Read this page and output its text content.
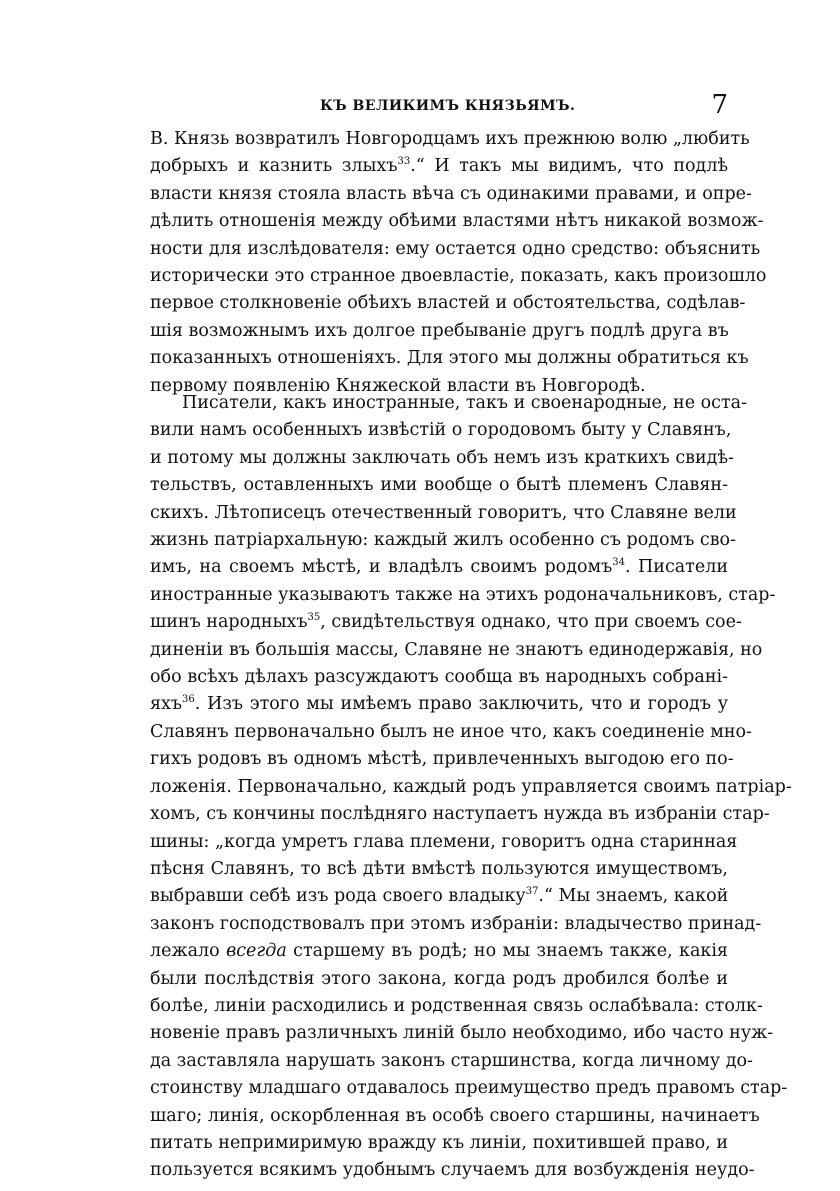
КЪ ВЕЛИКИМЪ КНЯЗЬЯМЪ.	7
В. Князь возвратилъ Новгородцамъ ихъ прежнюю волю „любить
добрыхъ и казнить злыхъ$^{33}$.“ И такъ мы видимъ, что подлѣ
власти князя стояла власть вѣча съ одинакими правами, и опре-
дѣлить отношенія между обѣими властями нѣтъ никакой возмож-
ности для изслѣдователя: ему остается одно средство: объяснить
исторически это странное двоевластіе, показать, какъ произошло
первое столкновеніе обѣихъ властей и обстоятельства, содѣлав-
шія возможнымъ ихъ долгое пребываніе другъ подлѣ друга въ
показанныхъ отношеніяхъ. Для этого мы должны обратиться къ
первому появленію Княжеской власти въ Новгородѣ.
Писатели, какъ иностранные, такъ и своенародные, не оста-
вили намъ особенныхъ извѣстій о городовомъ быту у Славянъ,
и потому мы должны заключать объ немъ изъ краткихъ свидѣ-
тельствъ, оставленныхъ ими вообще о бытѣ племенъ Славян-
скихъ. Лѣтописецъ отечественный говоритъ, что Славяне вели
жизнь патріархальную: каждый жилъ особенно съ родомъ сво-
имъ, на своемъ мѣстѣ, и владѣлъ своимъ родомъ$^{34}$. Писатели
иностранные указываютъ также на этихъ родоначальниковъ, стар-
шинъ народныхъ$^{35}$, свидѣтельствуя однако, что при своемъ сое-
диненіи въ большія массы, Славяне не знаютъ единодержавія, но
обо всѣхъ дѣлахъ разсуждаютъ сообща въ народныхъ собрані-
яхъ$^{36}$. Изъ этого мы имѣемъ право заключить, что и городъ у
Славянъ первоначально былъ не иное что, какъ соединеніе мно-
гихъ родовъ въ одномъ мѣстѣ, привлеченныхъ выгодою его по-
ложенія. Первоначально, каждый родъ управляется своимъ патріар-
хомъ, съ кончины послѣдняго наступаетъ нужда въ избраніи стар-
шины: „когда умретъ глава племени, говоритъ одна старинная
пѣсня Славянъ, то всѣ дѣти вмѣстѣ пользуются имуществомъ,
выбравши себѣ изъ рода своего владыку$^{37}$.“ Мы знаемъ, какой
законъ господствовалъ при этомъ избраніи: владычество принад-
лежало всегда старшему въ родѣ; но мы знаемъ также, какія
были послѣдствія этого закона, когда родъ дробился болѣе и
болѣе, линіи расходились и родственная связь ослабѣвала: столк-
новеніе правъ различныхъ линій было необходимо, ибо часто нуж-
да заставляла нарушать законъ старшинства, когда личному до-
стоинству младшаго отдавалось преимущество предъ правомъ стар-
шаго; линія, оскорбленная въ особѣ своего старшины, начинаетъ
питать непримиримую вражду къ линіи, похитившей право, и
пользуется всякимъ удобнымъ случаемъ для возбужденія неудо-
